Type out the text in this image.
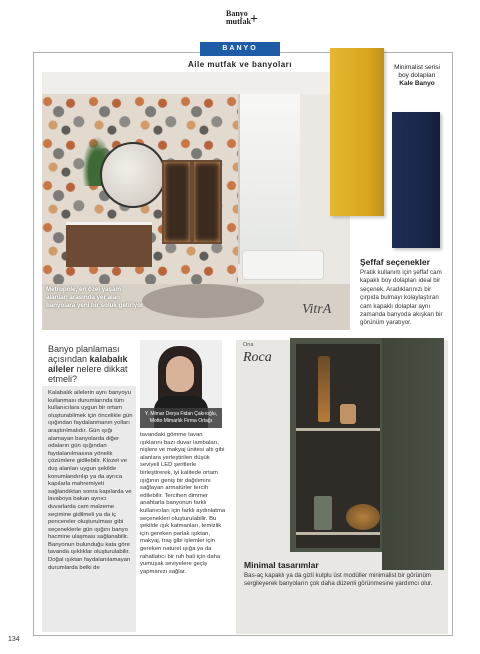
Banyo
mutfak +
BANYO
Aile mutfak ve banyoları
Metropole, en özel yaşam alanları arasında yer alan banyolara yeni bir soluk getiriyor	VitrA
Minimalist serisi boy dolapları
Kale Banyo
Şeffaf seçenekler
Pratik kullanım için şeffaf cam kapaklı boy dolapları ideal bir seçenek. Aradıklarınızı bir çırpıda bulmayı kolaylaştıran cam kapaklı dolaplar aynı zamanda banyoda akışkan bir görünüm yaratıyor.
Banyo planlaması açısından kalabalık aileler nelere dikkat etmeli?
Y. Mimar Derya Fidan Çakıroğlu,
Motto Mimarlık Firma Ortağı
Kalabalık ailelerin aynı banyoyu kullanması durumlarında tüm kullanıcılara uygun bir ortam oluşturabilmek için öncelikle gün ışığından faydalanmanın yolları araştırılmalıdır. Gün ışığı alamayan banyolarda diğer odaların gün ışığından faydalanılmasına yönelik çözümlere gidilebilir. Klozet ve duş alanları uygun şekilde konumlandırılıp ya da ayrıca kapılarla mahremiyeti sağlandıktan sonra kapılarda ve lavaboya bakan aynıcı duvarlarda cam malzeme seçimine gidilmeli ya da iç pencereler oluşturulması gibi seçeneklerle gün ışığını banyo hacmine ulaşması sağlanabilir. Banyonun bulunduğu kata göre tavanda ışıklıklar oluşturulabilir. Doğal ışıktan faydalanılamayan durumlarda belki de
tavandaki gömme tavan ışıklarını bazı duvar lambaları, nişlere ve makyaj ünitesi altı gibi alanlara yerleştirilen düşük seviyeli LED şeritlerle birleştirerek, iyi kalitede ortam ışığının geniş bir dağılımını sağlayan armatürler tercih edilebilir. Tercihen dimmer anahtarla banyonun farklı kullanıcıları için farklı aydınlatma seçenekleri oluşturulabilir. Bu şekilde ışık katmanları, temizlik için gereken parlak ışıktan, makyaj, traş gibi işlemler için gereken naturel ışığa ya da rahatlatıcı bir ruh hali için daha yumuşak seviyelere geçiş yapmanızı sağlar.
Ona
Roca
Minimal tasarımlar
Bas-aç kapaklı ya da gizli kulplu üst modüller minimalist bir görünüm sergileyerek banyoların çok daha düzenli görünmesine yardımcı olur.
134
